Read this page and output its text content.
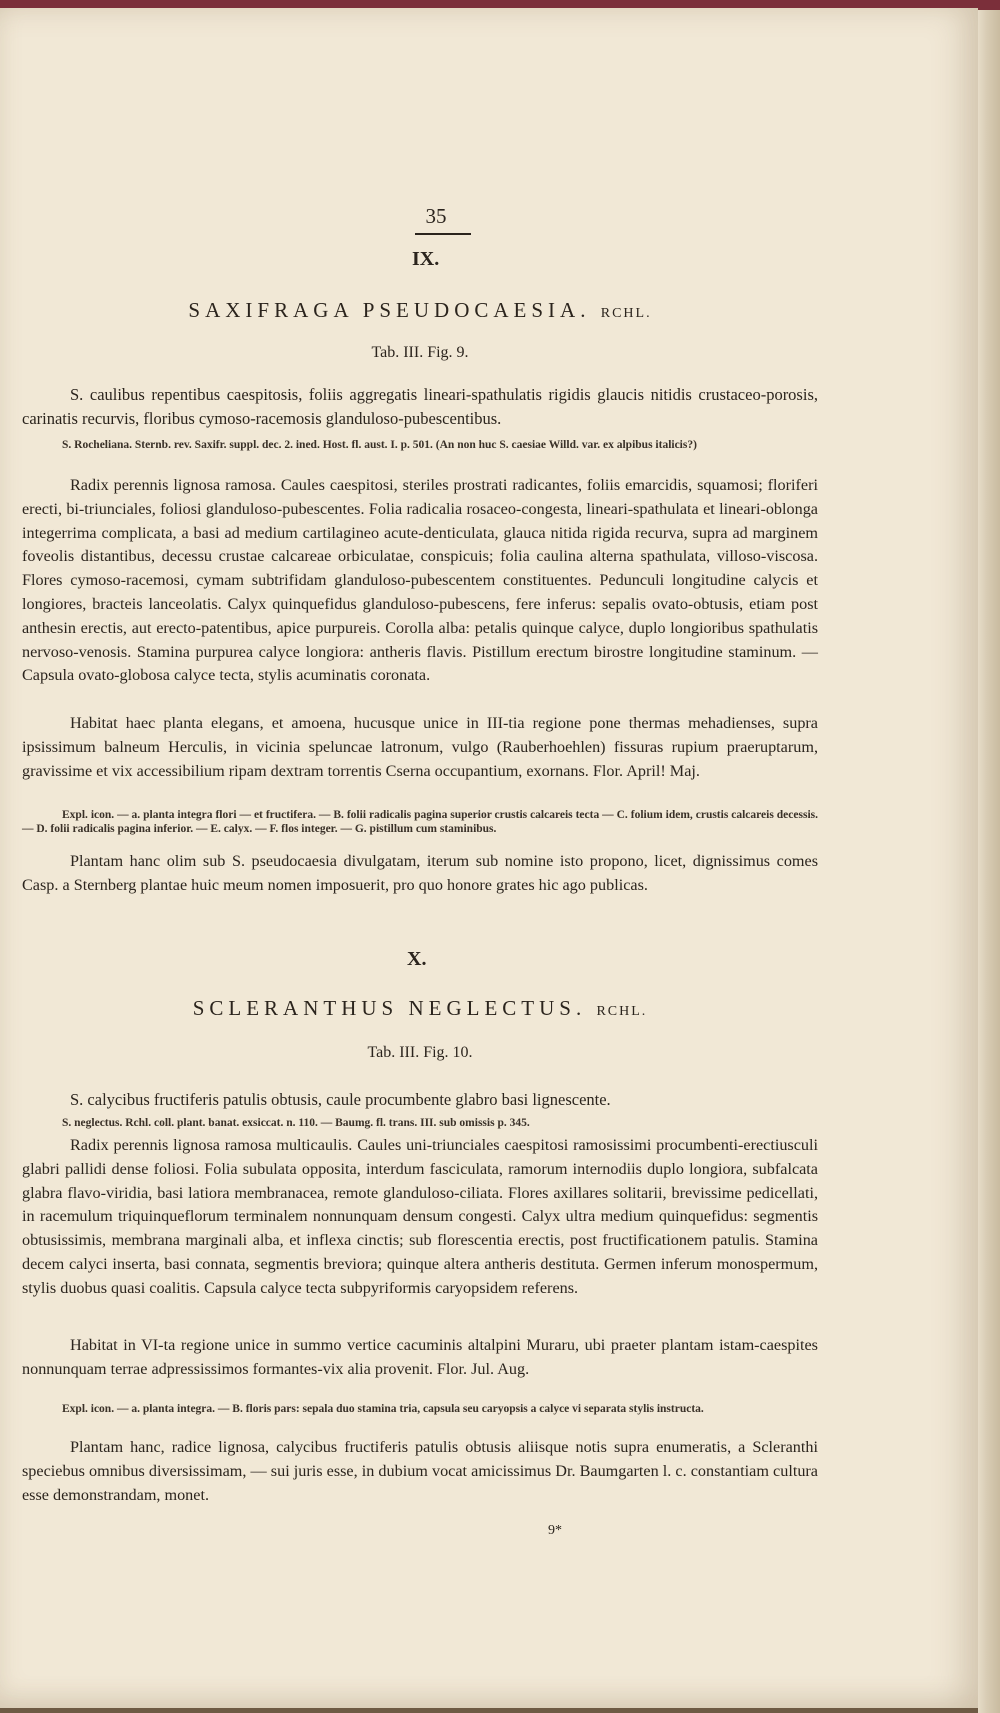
35
IX.
SAXIFRAGA PSEUDOCAESIA. RCHL.
Tab. III. Fig. 9.
S. caulibus repentibus caespitosis, foliis aggregatis lineari-spathulatis rigidis glaucis nitidis crustaceo-porosis, carinatis recurvis, floribus cymoso-racemosis glanduloso-pubescentibus.
S. Rocheliana. Sternb. rev. Saxifr. suppl. dec. 2. ined. Host. fl. aust. I. p. 501. (An non huc S. caesiae Willd. var. ex alpibus italicis?)
Radix perennis lignosa ramosa. Caules caespitosi, steriles prostrati radicantes, foliis emarcidis, squamosi; floriferi erecti, bi-triunciales, foliosi glanduloso-pubescentes. Folia radicalia rosaceo-congesta, lineari-spathulata et lineari-oblonga integerrima complicata, a basi ad medium cartilagineo acute-denticulata, glauca nitida rigida recurva, supra ad marginem foveolis distantibus, decessu crustae calcareae orbiculatae, conspicuis; folia caulina alterna spathulata, villoso-viscosa. Flores cymoso-racemosi, cymam subtrifidam glanduloso-pubescentem constituentes. Pedunculi longitudine calycis et longiores, bracteis lanceolatis. Calyx quinquefidus glanduloso-pubescens, fere inferus: sepalis ovato-obtusis, etiam post anthesin erectis, aut erecto-patentibus, apice purpureis. Corolla alba: petalis quinque calyce, duplo longioribus spathulatis nervoso-venosis. Stamina purpurea calyce longiora: antheris flavis. Pistillum erectum birostre longitudine staminum. — Capsula ovato-globosa calyce tecta, stylis acuminatis coronata.
Habitat haec planta elegans, et amoena, hucusque unice in III-tia regione pone thermas mehadienses, supra ipsissimum balneum Herculis, in vicinia speluncae latronum, vulgo (Rauberhoehlen) fissuras rupium praeruptarum, gravissime et vix accessibilium ripam dextram torrentis Cserna occupantium, exornans. Flor. April! Maj.
Expl. icon. — a. planta integra flori — et fructifera. — B. folii radicalis pagina superior crustis calcareis tecta — C. folium idem, crustis calcareis decessis. — D. folii radicalis pagina inferior. — E. calyx. — F. flos integer. — G. pistillum cum staminibus.
Plantam hanc olim sub S. pseudocaesia divulgatam, iterum sub nomine isto propono, licet, dignissimus comes Casp. a Sternberg plantae huic meum nomen imposuerit, pro quo honore grates hic ago publicas.
X.
SCLERANTHUS NEGLECTUS. RCHL.
Tab. III. Fig. 10.
S. calycibus fructiferis patulis obtusis, caule procumbente glabro basi lignescente.
S. neglectus. Rchl. coll. plant. banat. exsiccat. n. 110. — Baumg. fl. trans. III. sub omissis p. 345.
Radix perennis lignosa ramosa multicaulis. Caules uni-triunciales caespitosi ramosissimi procumbenti-erectiusculi glabri pallidi dense foliosi. Folia subulata opposita, interdum fasciculata, ramorum internodiis duplo longiora, subfalcata glabra flavo-viridia, basi latiora membranacea, remote glanduloso-ciliata. Flores axillares solitarii, brevissime pedicellati, in racemulum triquinqueflorum terminalem nonnunquam densum congesti. Calyx ultra medium quinquefidus: segmentis obtusissimis, membrana marginali alba, et inflexa cinctis; sub florescentia erectis, post fructificationem patulis. Stamina decem calyci inserta, basi connata, segmentis breviora; quinque altera antheris destituta. Germen inferum monospermum, stylis duobus quasi coalitis. Capsula calyce tecta subpyriformis caryopsidem referens.
Habitat in VI-ta regione unice in summo vertice cacuminis altalpini Muraru, ubi praeter plantam istam-caespites nonnunquam terrae adpressissimos formantes-vix alia provenit. Flor. Jul. Aug.
Expl. icon. — a. planta integra. — B. floris pars: sepala duo stamina tria, capsula seu caryopsis a calyce vi separata stylis instructa.
Plantam hanc, radice lignosa, calycibus fructiferis patulis obtusis aliisque notis supra enumeratis, a Scleranthi speciebus omnibus diversissimam, — sui juris esse, in dubium vocat amicissimus Dr. Baumgarten l. c. constantiam cultura esse demonstrandam, monet.
9*
